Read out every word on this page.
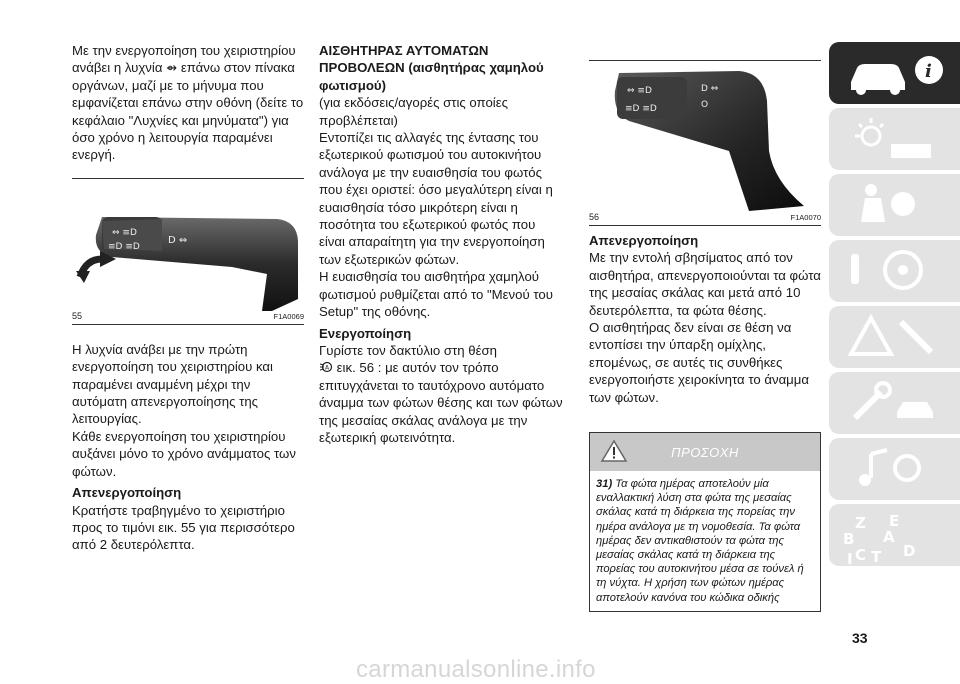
Με την ενεργοποίηση του χειριστηρίου ανάβει η λυχνία ⇴ επάνω στον πίνακα οργάνων, μαζί με το μήνυμα που εμφανίζεται επάνω στην οθόνη (δείτε το κεφάλαιο "Λυχνίες και μηνύματα") για όσο χρόνο η λειτουργία παραμένει ενεργή.

⇔ ≡D
≡D ≡D
D ⇔
55	F1A0069

Η λυχνία ανάβει με την πρώτη ενεργοποίηση του χειριστηρίου και παραμένει αναμμένη μέχρι την αυτόματη απενεργοποίησης της λειτουργίας.

Κάθε ενεργοποίηση του χειριστηρίου αυξάνει μόνο το χρόνο ανάμματος των φώτων.

Απενεργοποίηση

Κρατήστε τραβηγμένο το χειριστήριο προς το τιμόνι εικ. 55 για περισσότερο από 2 δευτερόλεπτα.

ΑΙΣΘΗΤΗΡΑΣ ΑΥΤΟΜΑΤΩΝ ΠΡΟΒΟΛΕΩΝ (αισθητήρας χαμηλού φωτισμού)

(για εκδόσεις/αγορές στις οποίες προβλέπεται)

Εντοπίζει τις αλλαγές της έντασης του εξωτερικού φωτισμού του αυτοκινήτου ανάλογα με την ευαισθησία του φωτός που έχει οριστεί: όσο μεγαλύτερη είναι η ευαισθησία τόσο μικρότερη είναι η ποσότητα του εξωτερικού φωτός που είναι απαραίτητη για την ενεργοποίηση των εξωτερικών φώτων.

Η ευαισθησία του αισθητήρα χαμηλού φωτισμού ρυθμίζεται από το "Μενού του Setup" της οθόνης.

Ενεργοποίηση

Γυρίστε τον δακτύλιο στη θέση

A εικ. 56 : με αυτόν τον τρόπο επιτυγχάνεται το ταυτόχρονο αυτόματο άναμμα των φώτων θέσης και των φώτων της μεσαίας σκάλας ανάλογα με την εξωτερική φωτεινότητα.

⇔ ≡D
≡D ≡D
D ⇔
O
56	F1A0070

Απενεργοποίηση

Με την εντολή σβησίματος από τον αισθητήρα, απενεργοποιούνται τα φώτα της μεσαίας σκάλας και μετά από 10 δευτερόλεπτα, τα φώτα θέσης.

Ο αισθητήρας δεν είναι σε θέση να εντοπίσει την ύπαρξη ομίχλης, επομένως, σε αυτές τις συνθήκες ενεργοποιήστε χειροκίνητα το άναμμα των φώτων.

ΠΡΟΣΟΧΗ
31) Τα φώτα ημέρας αποτελούν μία εναλλακτική λύση στα φώτα της μεσαίας σκάλας κατά τη διάρκεια της πορείας την ημέρα ανάλογα με τη νομοθεσία. Τα φώτα ημέρας δεν αντικαθιστούν τα φώτα της μεσαίας σκάλας κατά τη διάρκεια της πορείας του αυτοκινήτου μέσα σε τούνελ ή τη νύχτα. Η χρήση των φώτων ημέρας αποτελούν κανόνα του κώδικα οδικής
i
Z E
B A
C T D
I
33
carmanualsonline.info
